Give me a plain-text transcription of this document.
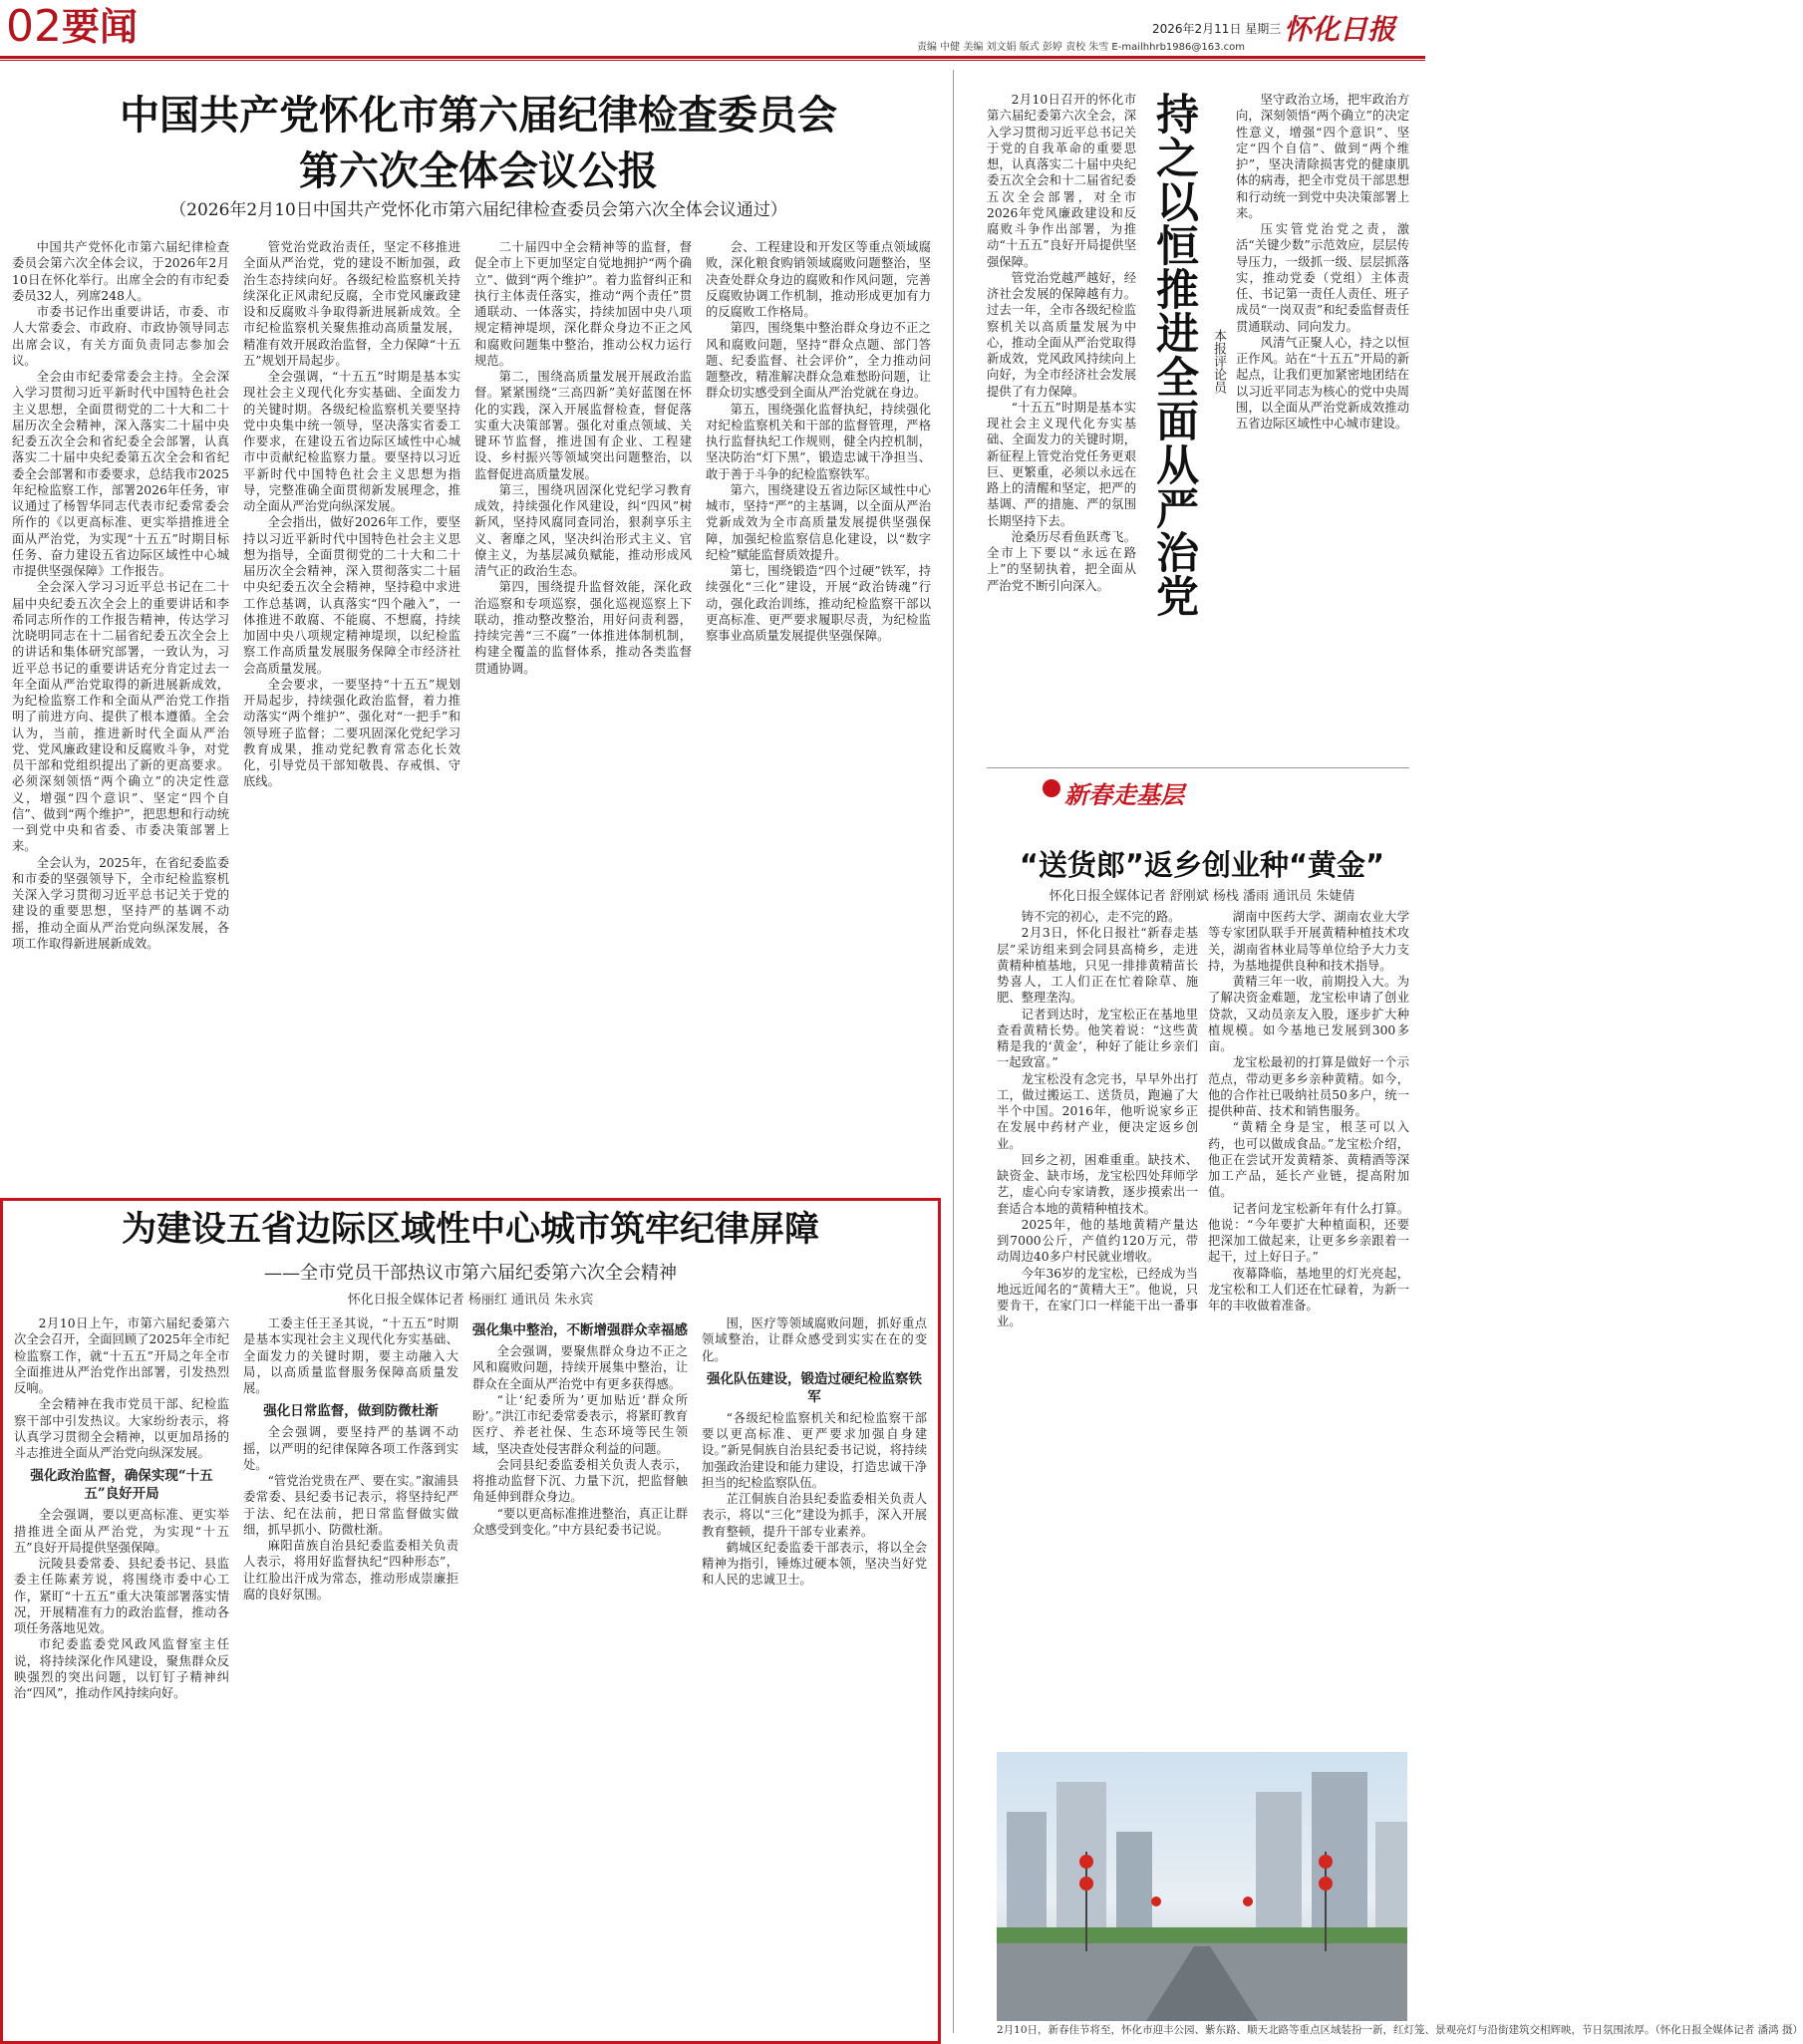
02 要闻	责编 中健 美编 刘文娟 版式 彭婷 责校 朱雪 E-mailhhrb1986@163.com
2026年2月11日 星期三 怀化日报
中国共产党怀化市第六届纪律检查委员会
第六次全体会议公报
（2026年2月10日中国共产党怀化市第六届纪律检查委员会第六次全体会议通过）

中国共产党怀化市第六届纪律检查委员会第六次全体会议，于2026年2月10日在怀化举行。出席全会的有市纪委委员32人，列席248人。

市委书记作出重要讲话，市委、市人大常委会、市政府、市政协领导同志出席会议，有关方面负责同志参加会议。

全会由市纪委常委会主持。全会深入学习贯彻习近平新时代中国特色社会主义思想，全面贯彻党的二十大和二十届历次全会精神，深入落实二十届中央纪委五次全会和省纪委全会部署，认真落实二十届中央纪委第五次全会和省纪委全会部署和市委要求，总结我市2025年纪检监察工作，部署2026年任务，审议通过了杨智华同志代表市纪委常委会所作的《以更高标准、更实举措推进全面从严治党，为实现“十五五”时期目标任务、奋力建设五省边际区域性中心城市提供坚强保障》工作报告。

全会深入学习习近平总书记在二十届中央纪委五次全会上的重要讲话和李希同志所作的工作报告精神，传达学习沈晓明同志在十二届省纪委五次全会上的讲话和集体研究部署，一致认为，习近平总书记的重要讲话充分肯定过去一年全面从严治党取得的新进展新成效，为纪检监察工作和全面从严治党工作指明了前进方向、提供了根本遵循。全会认为，当前，推进新时代全面从严治党、党风廉政建设和反腐败斗争，对党员干部和党组织提出了新的更高要求。必须深刻领悟“两个确立”的决定性意义，增强“四个意识”、坚定“四个自信”、做到“两个维护”，把思想和行动统一到党中央和省委、市委决策部署上来。

全会认为，2025年，在省纪委监委和市委的坚强领导下，全市纪检监察机关深入学习贯彻习近平总书记关于党的建设的重要思想，坚持严的基调不动摇，推动全面从严治党向纵深发展，各项工作取得新进展新成效。

管党治党政治责任，坚定不移推进全面从严治党，党的建设不断加强，政治生态持续向好。各级纪检监察机关持续深化正风肃纪反腐，全市党风廉政建设和反腐败斗争取得新进展新成效。全市纪检监察机关聚焦推动高质量发展，精准有效开展政治监督，全力保障“十五五”规划开局起步。

全会强调，“十五五”时期是基本实现社会主义现代化夯实基础、全面发力的关键时期。各级纪检监察机关要坚持党中央集中统一领导，坚决落实省委工作要求，在建设五省边际区域性中心城市中贡献纪检监察力量。要坚持以习近平新时代中国特色社会主义思想为指导，完整准确全面贯彻新发展理念，推动全面从严治党向纵深发展。

全会指出，做好2026年工作，要坚持以习近平新时代中国特色社会主义思想为指导，全面贯彻党的二十大和二十届历次全会精神，深入贯彻落实二十届中央纪委五次全会精神，坚持稳中求进工作总基调，认真落实“四个融入”，一体推进不敢腐、不能腐、不想腐，持续加固中央八项规定精神堤坝，以纪检监察工作高质量发展服务保障全市经济社会高质量发展。

全会要求，一要坚持“十五五”规划开局起步，持续强化政治监督，着力推动落实“两个维护”、强化对“一把手”和领导班子监督；二要巩固深化党纪学习教育成果，推动党纪教育常态化长效化，引导党员干部知敬畏、存戒惧、守底线。

二十届四中全会精神等的监督，督促全市上下更加坚定自觉地拥护“两个确立”、做到“两个维护”。着力监督纠正和执行主体责任落实，推动“两个责任”贯通联动、一体落实，持续加固中央八项规定精神堤坝，深化群众身边不正之风和腐败问题集中整治，推动公权力运行规范。

第二，围绕高质量发展开展政治监督。紧紧围绕“三高四新”美好蓝图在怀化的实践，深入开展监督检查，督促落实重大决策部署。强化对重点领域、关键环节监督，推进国有企业、工程建设、乡村振兴等领域突出问题整治，以监督促进高质量发展。

第三，围绕巩固深化党纪学习教育成效，持续强化作风建设，纠“四风”树新风，坚持风腐同查同治，狠刹享乐主义、奢靡之风，坚决纠治形式主义、官僚主义，为基层减负赋能，推动形成风清气正的政治生态。

第四，围绕提升监督效能，深化政治巡察和专项巡察，强化巡视巡察上下联动，推动整改整治，用好问责利器，持续完善“三不腐”一体推进体制机制，构建全覆盖的监督体系，推动各类监督贯通协调。

会、工程建设和开发区等重点领域腐败，深化粮食购销领域腐败问题整治，坚决查处群众身边的腐败和作风问题，完善反腐败协调工作机制，推动形成更加有力的反腐败工作格局。

第四，围绕集中整治群众身边不正之风和腐败问题，坚持“群众点题、部门答题、纪委监督、社会评价”，全力推动问题整改，精准解决群众急难愁盼问题，让群众切实感受到全面从严治党就在身边。

第五，围绕强化监督执纪，持续强化对纪检监察机关和干部的监督管理，严格执行监督执纪工作规则，健全内控机制，坚决防治“灯下黑”，锻造忠诚干净担当、敢于善于斗争的纪检监察铁军。

第六，围绕建设五省边际区域性中心城市，坚持“严”的主基调，以全面从严治党新成效为全市高质量发展提供坚强保障，加强纪检监察信息化建设，以“数字纪检”赋能监督质效提升。

第七，围绕锻造“四个过硬”铁军，持续强化“三化”建设，开展“政治铸魂”行动，强化政治训练，推动纪检监察干部以更高标准、更严要求履职尽责，为纪检监察事业高质量发展提供坚强保障。

2月10日召开的怀化市第六届纪委第六次全会，深入学习贯彻习近平总书记关于党的自我革命的重要思想，认真落实二十届中央纪委五次全会和十二届省纪委五次全会部署，对全市2026年党风廉政建设和反腐败斗争作出部署，为推动“十五五”良好开局提供坚强保障。

管党治党越严越好，经济社会发展的保障越有力。过去一年，全市各级纪检监察机关以高质量发展为中心，推动全面从严治党取得新成效，党风政风持续向上向好，为全市经济社会发展提供了有力保障。

“十五五”时期是基本实现社会主义现代化夯实基础、全面发力的关键时期，新征程上管党治党任务更艰巨、更繁重，必须以永远在路上的清醒和坚定，把严的基调、严的措施、严的氛围长期坚持下去。

沧桑历尽看鱼跃鸢飞。全市上下要以“永远在路上”的坚韧执着，把全面从严治党不断引向深入。 持之以恒推进全面从严治党 本报评论员

坚守政治立场，把牢政治方向，深刻领悟“两个确立”的决定性意义，增强“四个意识”、坚定“四个自信”、做到“两个维护”，坚决清除损害党的健康肌体的病毒，把全市党员干部思想和行动统一到党中央决策部署上来。

压实管党治党之责，激活“关键少数”示范效应，层层传导压力，一级抓一级、层层抓落实，推动党委（党组）主体责任、书记第一责任人责任、班子成员“一岗双责”和纪委监督责任贯通联动、同向发力。

风清气正聚人心，持之以恒正作风。站在“十五五”开局的新起点，让我们更加紧密地团结在以习近平同志为核心的党中央周围，以全面从严治党新成效推动五省边际区域性中心城市建设。

新春走基层
“送货郎”返乡创业种“黄金”
怀化日报全媒体记者 舒刚斌 杨栈 潘雨 通讯员 朱婕倩

铸不完的初心，走不完的路。

2月3日，怀化日报社“新春走基层”采访组来到会同县高椅乡，走进黄精种植基地，只见一排排黄精苗长势喜人，工人们正在忙着除草、施肥、整理垄沟。

记者到达时，龙宝松正在基地里查看黄精长势。他笑着说：“这些黄精是我的‘黄金’，种好了能让乡亲们一起致富。”

龙宝松没有念完书，早早外出打工，做过搬运工、送货员，跑遍了大半个中国。2016年，他听说家乡正在发展中药材产业，便决定返乡创业。

回乡之初，困难重重。缺技术、缺资金、缺市场，龙宝松四处拜师学艺，虚心向专家请教，逐步摸索出一套适合本地的黄精种植技术。

2025年，他的基地黄精产量达到7000公斤，产值约120万元，带动周边40多户村民就业增收。

今年36岁的龙宝松，已经成为当地远近闻名的“黄精大王”。他说，只要肯干，在家门口一样能干出一番事业。

湖南中医药大学、湖南农业大学等专家团队联手开展黄精种植技术攻关，湖南省林业局等单位给予大力支持，为基地提供良种和技术指导。

黄精三年一收，前期投入大。为了解决资金难题，龙宝松申请了创业贷款，又动员亲友入股，逐步扩大种植规模。如今基地已发展到300多亩。

龙宝松最初的打算是做好一个示范点，带动更多乡亲种黄精。如今，他的合作社已吸纳社员50多户，统一提供种苗、技术和销售服务。

“黄精全身是宝，根茎可以入药，也可以做成食品。”龙宝松介绍，他正在尝试开发黄精茶、黄精酒等深加工产品，延长产业链，提高附加值。

记者问龙宝松新年有什么打算。他说：“今年要扩大种植面积，还要把深加工做起来，让更多乡亲跟着一起干，过上好日子。”

夜幕降临，基地里的灯光亮起，龙宝松和工人们还在忙碌着，为新一年的丰收做着准备。

2月10日，新春佳节将至，怀化市迎丰公园、紫东路、顺天北路等重点区域装扮一新，红灯笼、景观亮灯与沿街建筑交相辉映，节日氛围浓厚。（怀化日报全媒体记者 潘鸿 摄）
为建设五省边际区域性中心城市筑牢纪律屏障
——全市党员干部热议市第六届纪委第六次全会精神
怀化日报全媒体记者 杨丽红 通讯员 朱永宾

2月10日上午，市第六届纪委第六次全会召开，全面回顾了2025年全市纪检监察工作，就“十五五”开局之年全市全面推进从严治党作出部署，引发热烈反响。

全会精神在我市党员干部、纪检监察干部中引发热议。大家纷纷表示，将认真学习贯彻全会精神，以更加昂扬的斗志推进全面从严治党向纵深发展。

强化政治监督，确保实现“十五五”良好开局

全会强调，要以更高标准、更实举措推进全面从严治党，为实现“十五五”良好开局提供坚强保障。

沅陵县委常委、县纪委书记、县监委主任陈素芳说，将围绕市委中心工作，紧盯“十五五”重大决策部署落实情况，开展精准有力的政治监督，推动各项任务落地见效。

市纪委监委党风政风监督室主任说，将持续深化作风建设，聚焦群众反映强烈的突出问题，以钉钉子精神纠治“四风”，推动作风持续向好。

工委主任王圣其说，“十五五”时期是基本实现社会主义现代化夯实基础、全面发力的关键时期，要主动融入大局，以高质量监督服务保障高质量发展。

强化日常监督，做到防微杜渐

全会强调，要坚持严的基调不动摇，以严明的纪律保障各项工作落到实处。

“管党治党贵在严、要在实。”溆浦县委常委、县纪委书记表示，将坚持纪严于法、纪在法前，把日常监督做实做细，抓早抓小、防微杜渐。

麻阳苗族自治县纪委监委相关负责人表示，将用好监督执纪“四种形态”，让红脸出汗成为常态，推动形成崇廉拒腐的良好氛围。

强化集中整治，不断增强群众幸福感

全会强调，要聚焦群众身边不正之风和腐败问题，持续开展集中整治，让群众在全面从严治党中有更多获得感。

“让‘纪委所为’更加贴近‘群众所盼’。”洪江市纪委常委表示，将紧盯教育医疗、养老社保、生态环境等民生领域，坚决查处侵害群众利益的问题。

会同县纪委监委相关负责人表示，将推动监督下沉、力量下沉，把监督触角延伸到群众身边。

“要以更高标准推进整治，真正让群众感受到变化。”中方县纪委书记说。

围，医疗等领域腐败问题，抓好重点领域整治，让群众感受到实实在在的变化。

强化队伍建设，锻造过硬纪检监察铁军

“各级纪检监察机关和纪检监察干部要以更高标准、更严要求加强自身建设。”新晃侗族自治县纪委书记说，将持续加强政治建设和能力建设，打造忠诚干净担当的纪检监察队伍。

芷江侗族自治县纪委监委相关负责人表示，将以“三化”建设为抓手，深入开展教育整顿，提升干部专业素养。

鹤城区纪委监委干部表示，将以全会精神为指引，锤炼过硬本领，坚决当好党和人民的忠诚卫士。
